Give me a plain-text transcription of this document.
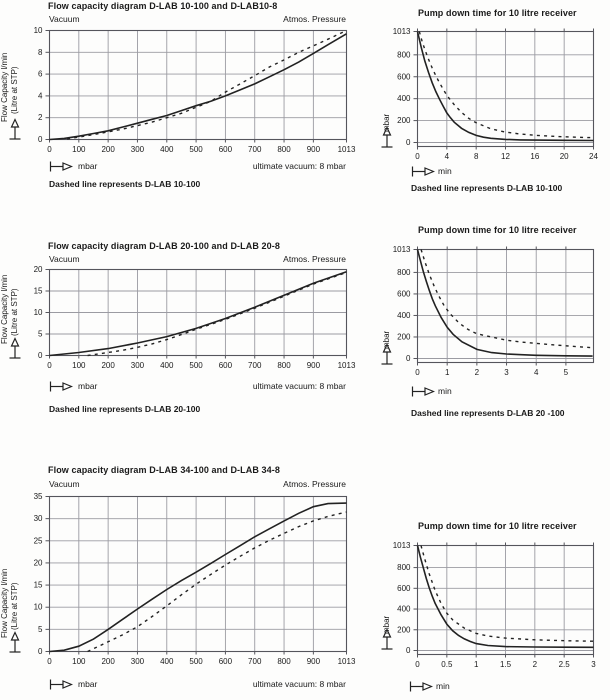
Flow capacity diagram D-LAB 10-100 and D-LAB10-8
Vacuum	Atmos. Pressure
Flow Capacity l/min (Litre at STP)
0	100 200 300 400 500 600 700 800 900 1013
0
2
4
6
8
10
mbar	ultimate vacuum: 8 mbar
Dashed line represents D-LAB 10-100
Pump down time for 10 litre receiver
mbar
0	4	8	12	16	20	24
0
200
400
600
800
1013
min
Dashed line represents D-LAB 10-100
Flow capacity diagram D-LAB 20-100 and D-LAB 20-8
Vacuum	Atmos. Pressure
Flow Capacity l/min (Litre at STP)
0	100 200 300 400 500 600 700 800 900 1013
0
5
10
15
20
mbar	ultimate vacuum: 8 mbar
Dashed line represents D-LAB 20-100
Pump down time for 10 litre receiver
mbar
0	1	2	3	4	5
0
200
400
600
800
1013
min
Dashed line represents D-LAB 20 -100
Flow capacity diagram D-LAB 34-100 and D-LAB 34-8
Vacuum	Atmos. Pressure
Flow Capacity l/min (Litre at STP)
0	100 200 300 400 500 600 700 800 900 1013
0
5
10
15
20
25
30
35
mbar	ultimate vacuum: 8 mbar
Pump down time for 10 litre receiver
mbar
0	0.5	1	1.5	2	2.5	3
0
200
400
600
800
1013
min
